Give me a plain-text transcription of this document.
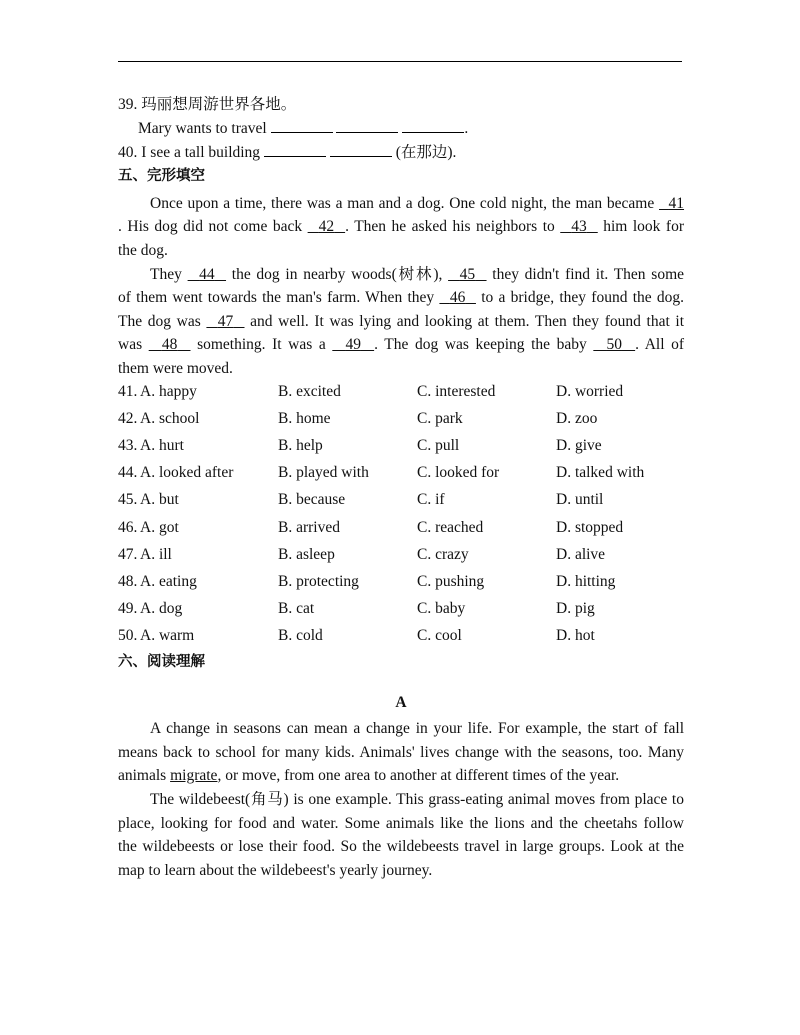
39. 玛丽想周游世界各地。
Mary wants to travel	.
40. I see a tall building	(在那边).
五、完形填空
Once upon a time, there was a man and a dog. One cold night, the man became 41
. His dog did not come back 42 . Then he asked his neighbors to 43 him look for
the dog.
They 44 the dog in nearby woods(树林), 45 they didn't find it. Then some
of them went towards the man's farm. When they 46 to a bridge, they found the dog.
The dog was 47 and well. It was lying and looking at them. Then they found that it
was 48 something. It was a 49 . The dog was keeping the baby 50 . All of
them were moved.
41. A. happy	B. excited	C. interested	D. worried
42. A. school	B. home	C. park	D. zoo
43. A. hurt	B. help	C. pull	D. give
44. A. looked after	B. played with	C. looked for	D. talked with
45. A. but	B. because	C. if	D. until
46. A. got	B. arrived	C. reached	D. stopped
47. A. ill	B. asleep	C. crazy	D. alive
48. A. eating	B. protecting	C. pushing	D. hitting
49. A. dog	B. cat	C. baby	D. pig
50. A. warm	B. cold	C. cool	D. hot
六、阅读理解
A
A change in seasons can mean a change in your life. For example, the start of fall
means back to school for many kids. Animals' lives change with the seasons, too. Many
animals migrate, or move, from one area to another at different times of the year.
The wildebeest(角马) is one example. This grass-eating animal moves from place to
place, looking for food and water. Some animals like the lions and the cheetahs follow
the wildebeests or lose their food. So the wildebeests travel in large groups. Look at the
map to learn about the wildebeest's yearly journey.
